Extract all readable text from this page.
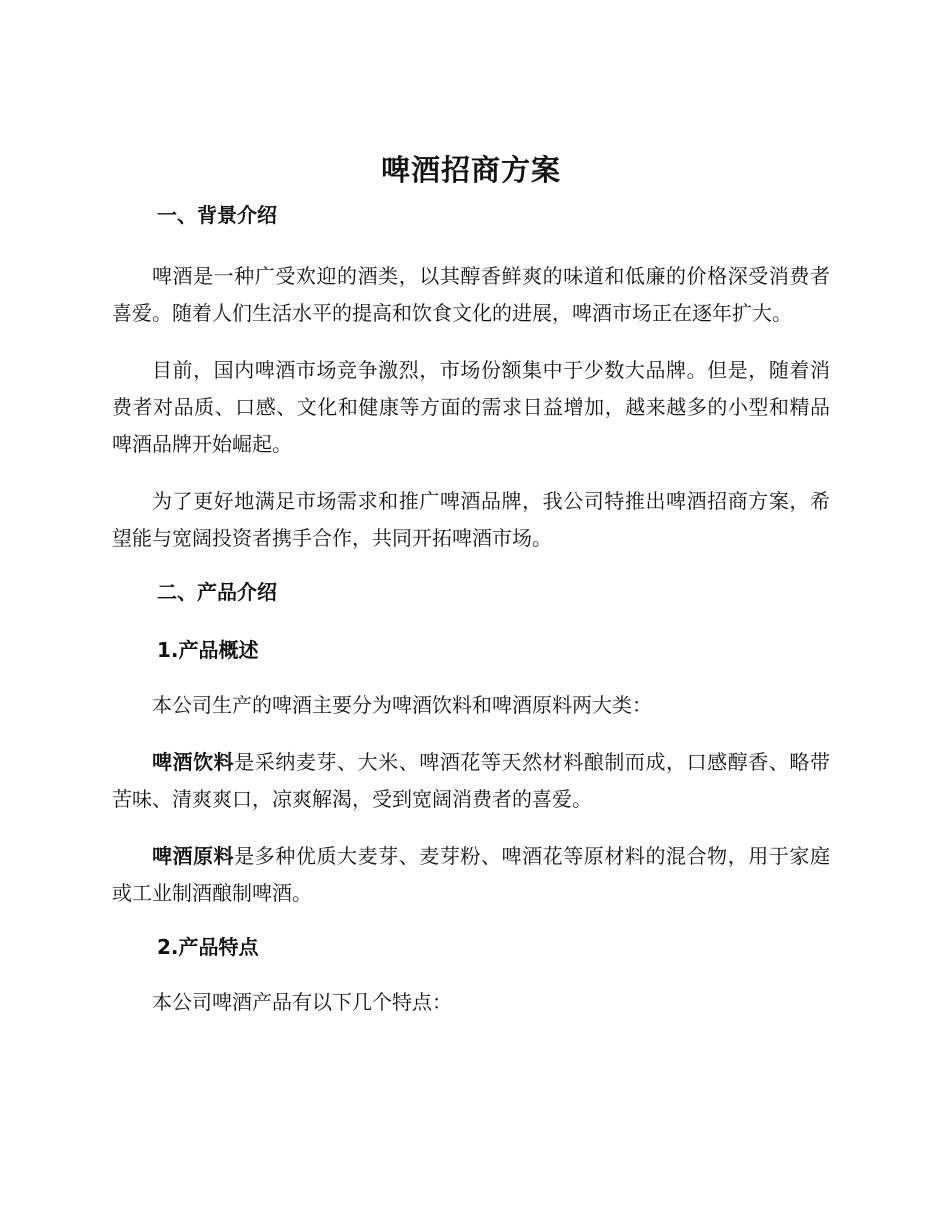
啤酒招商方案
一、背景介绍

啤酒是一种广受欢迎的酒类，以其醇香鲜爽的味道和低廉的价格深受消费者喜爱。随着人们生活水平的提高和饮食文化的进展，啤酒市场正在逐年扩大。

目前，国内啤酒市场竞争激烈，市场份额集中于少数大品牌。但是，随着消费者对品质、口感、文化和健康等方面的需求日益增加，越来越多的小型和精品啤酒品牌开始崛起。

为了更好地满足市场需求和推广啤酒品牌，我公司特推出啤酒招商方案，希望能与宽阔投资者携手合作，共同开拓啤酒市场。

二、产品介绍
1.产品概述

本公司生产的啤酒主要分为啤酒饮料和啤酒原料两大类：

啤酒饮料是采纳麦芽、大米、啤酒花等天然材料酿制而成，口感醇香、略带苦味、清爽爽口，凉爽解渴，受到宽阔消费者的喜爱。

啤酒原料是多种优质大麦芽、麦芽粉、啤酒花等原材料的混合物，用于家庭或工业制酒酿制啤酒。

2.产品特点

本公司啤酒产品有以下几个特点：
